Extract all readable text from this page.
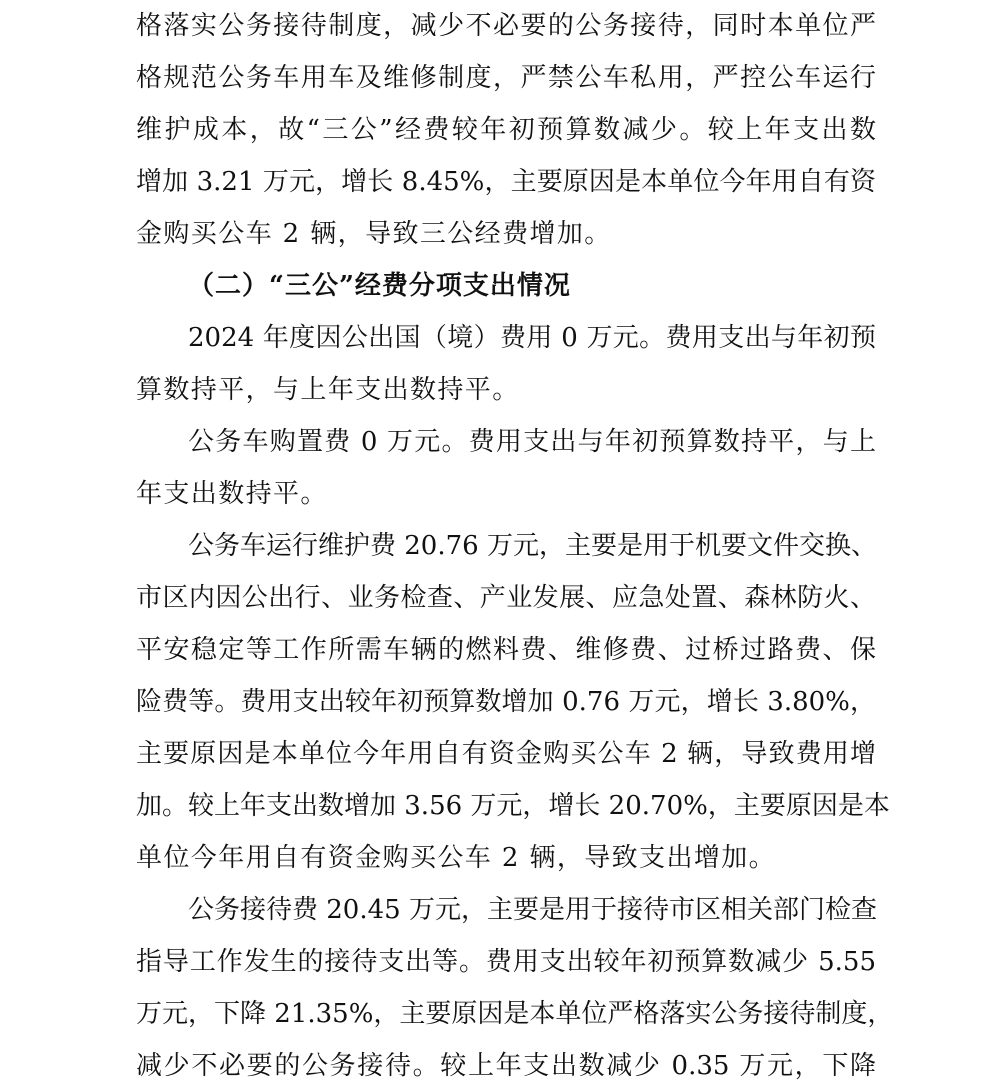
格落实公务接待制度，减少不必要的公务接待，同时本单位严
格规范公务车用车及维修制度，严禁公车私用，严控公车运行
维护成本，故“三公”经费较年初预算数减少。较上年支出数
增加 3.21 万元，增长 8.45%，主要原因是本单位今年用自有资
金购买公车 2 辆，导致三公经费增加。
（二）“三公”经费分项支出情况
2024 年度因公出国（境）费用 0 万元。费用支出与年初预
算数持平，与上年支出数持平。
公务车购置费 0 万元。费用支出与年初预算数持平，与上
年支出数持平。
公务车运行维护费 20.76 万元，主要是用于机要文件交换、
市区内因公出行、业务检查、产业发展、应急处置、森林防火、
平安稳定等工作所需车辆的燃料费、维修费、过桥过路费、保
险费等。费用支出较年初预算数增加 0.76 万元，增长 3.80%，
主要原因是本单位今年用自有资金购买公车 2 辆，导致费用增
加。较上年支出数增加 3.56 万元，增长 20.70%，主要原因是本
单位今年用自有资金购买公车 2 辆，导致支出增加。
公务接待费 20.45 万元，主要是用于接待市区相关部门检查
指导工作发生的接待支出等。费用支出较年初预算数减少 5.55
万元，下降 21.35%，主要原因是本单位严格落实公务接待制度，
减少不必要的公务接待。较上年支出数减少 0.35 万元，下降
